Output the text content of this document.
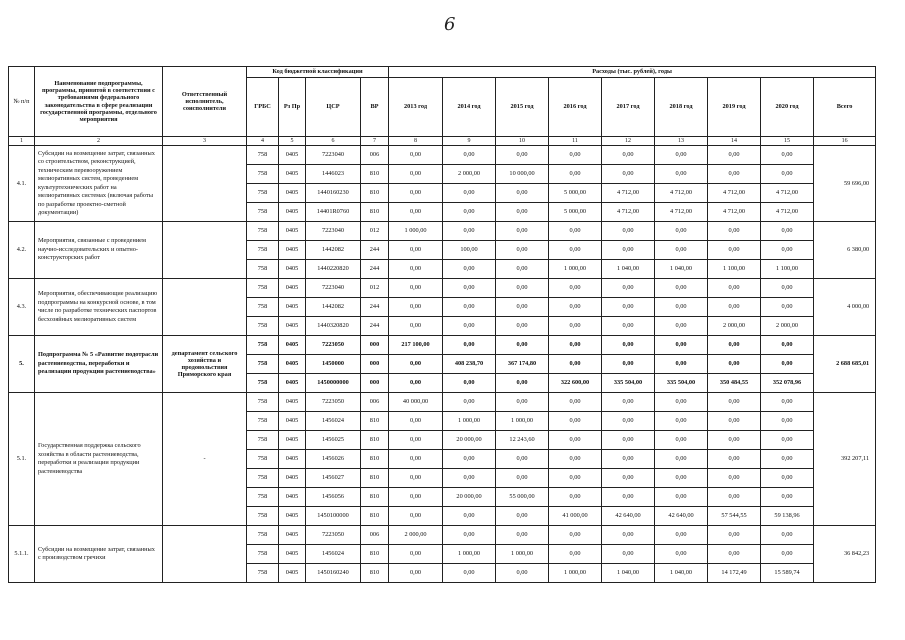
6
№ п/п	Наименование подпрограммы, программы, принятой в соответствии с требованиями федерального законодательства в сфере реализации государственной программы, отдельного мероприятия	Ответственный исполнитель, соисполнители	Код бюджетной классификации				Расходы (тыс. рублей), годы								
			ГРБС	Рз Пр	ЦСР	ВР	2013 год	2014 год	2015 год	2016 год	2017 год	2018 год	2019 год	2020 год	Всего
1	2	3	4	5	6	7	8	9	10	11	12	13	14	15	16
4.1.	Субсидии на возмещение затрат, связанных со строительством, реконструкцией, техническим перевооружением мелиоративных систем, проведением культуртехнических работ на мелиоративных системах (включая работы по разработке проектно-сметной документации)		758	0405	7223040	006	0,00	0,00	0,00	0,00	0,00	0,00	0,00	0,00	59 696,00
			758	0405	1446023	810	0,00	2 000,00	10 000,00	0,00	0,00	0,00	0,00	0,00	
			758	0405	1440160230	810	0,00	0,00	0,00	5 000,00	4 712,00	4 712,00	4 712,00	4 712,00	
			758	0405	14401R0760	810	0,00	0,00	0,00	5 000,00	4 712,00	4 712,00	4 712,00	4 712,00	
4.2.	Мероприятия, связанные с проведением научно-исследовательских и опытно-конструкторских работ		758	0405	7223040	012	1 000,00	0,00	0,00	0,00	0,00	0,00	0,00	0,00	6 380,00
			758	0405	1442082	244	0,00	100,00	0,00	0,00	0,00	0,00	0,00	0,00	
			758	0405	1440220820	244	0,00	0,00	0,00	1 000,00	1 040,00	1 040,00	1 100,00	1 100,00	
4.3.	Мероприятия, обеспечивающие реализацию подпрограммы на конкурсной основе, в том числе по разработке технических паспортов бесхозяйных мелиоративных систем		758	0405	7223040	012	0,00	0,00	0,00	0,00	0,00	0,00	0,00	0,00	4 000,00
			758	0405	1442082	244	0,00	0,00	0,00	0,00	0,00	0,00	0,00	0,00	
			758	0405	1440320820	244	0,00	0,00	0,00	0,00	0,00	0,00	2 000,00	2 000,00	
5.	Подпрограмма № 5 «Развитие подотрасли растениеводства, переработки и реализации продукции растениеводства»	департамент сельского хозяйства и продовольствия Приморского края	758	0405	7223050	000	217 100,00	0,00	0,00	0,00	0,00	0,00	0,00	0,00	2 688 685,01
			758	0405	1450000	000	0,00	408 238,70	367 174,80	0,00	0,00	0,00	0,00	0,00	
			758	0405	1450000000	000	0,00	0,00	0,00	322 600,00	335 504,00	335 504,00	350 484,55	352 078,96	
5.1.	Государственная поддержка сельского хозяйства в области растениеводства, переработки и реализации продукции растениеводства	-	758	0405	7223050	006	40 000,00	0,00	0,00	0,00	0,00	0,00	0,00	0,00	392 207,11
			758	0405	1456024	810	0,00	1 000,00	1 000,00	0,00	0,00	0,00	0,00	0,00	
			758	0405	1456025	810	0,00	20 000,00	12 243,60	0,00	0,00	0,00	0,00	0,00	
			758	0405	1456026	810	0,00	0,00	0,00	0,00	0,00	0,00	0,00	0,00	
			758	0405	1456027	810	0,00	0,00	0,00	0,00	0,00	0,00	0,00	0,00	
			758	0405	1456056	810	0,00	20 000,00	55 000,00	0,00	0,00	0,00	0,00	0,00	
			758	0405	1450100000	810	0,00	0,00	0,00	41 000,00	42 640,00	42 640,00	57 544,55	59 138,96	
5.1.1.	Субсидии на возмещение затрат, связанных с производством гречихи		758	0405	7223050	006	2 000,00	0,00	0,00	0,00	0,00	0,00	0,00	0,00	36 842,23
			758	0405	1456024	810	0,00	1 000,00	1 000,00	0,00	0,00	0,00	0,00	0,00	
			758	0405	1450160240	810	0,00	0,00	0,00	1 000,00	1 040,00	1 040,00	14 172,49	15 589,74	
